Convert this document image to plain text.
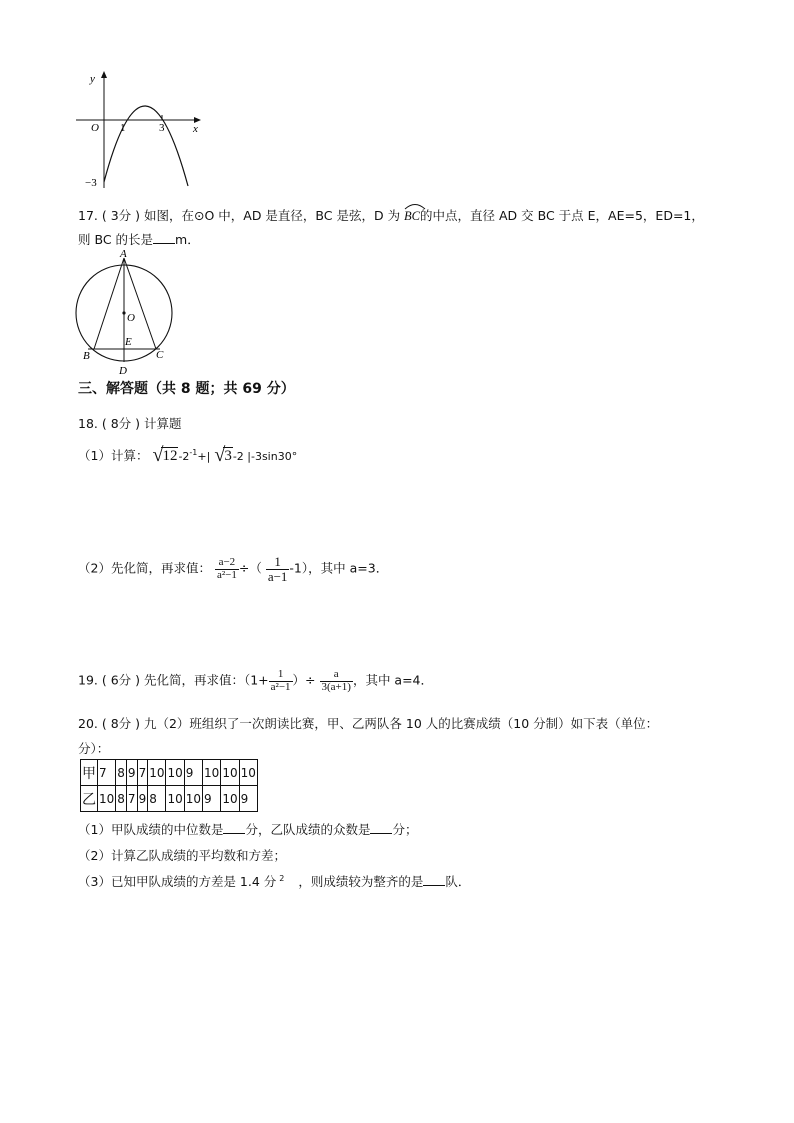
y
x
O 1	3
−3
17. ( 3分 ) 如图，在⊙O 中，AD 是直径，BC 是弦，D 为
BC的中点，直径 AD 交 BC 于点 E，AE=5，ED=1，
则 BC 的长是 m．
A
O
E
B	C
D
三、解答题（共 8 题；共 69 分）
18. ( 8分 ) 计算题
（1）计算： √ $12-2^{-1}+|$ √ 3-2 |-3sin30°
（2）先化简，再求值： $\frac{a-2}{\text{a²−1}}$ ÷（ $\frac{1}{a-1} -1$），其中 a=3．
19. ( 6分 ) 先化简，再求值：（$1+ \frac{1}{\text{a²−1}}$ ）÷ $\frac{a}{3(a+1)}$ ，其中 a=4．
20. ( 8分 ) 九（2）班组织了一次朗读比赛，甲、乙两队各 10 人的比赛成绩（10 分制）如下表（单位：
分）：
甲	7	8	9	7	10	10	9	10	10	10
乙	10	8	7	9	8	10	10	9	10	9
（1）甲队成绩的中位数是 分，乙队成绩的众数是 分；
（2）计算乙队成绩的平均数和方差；
（3）已知甲队成绩的方差是 1.4 分 $^2$ ，则成绩较为整齐的是 队．
